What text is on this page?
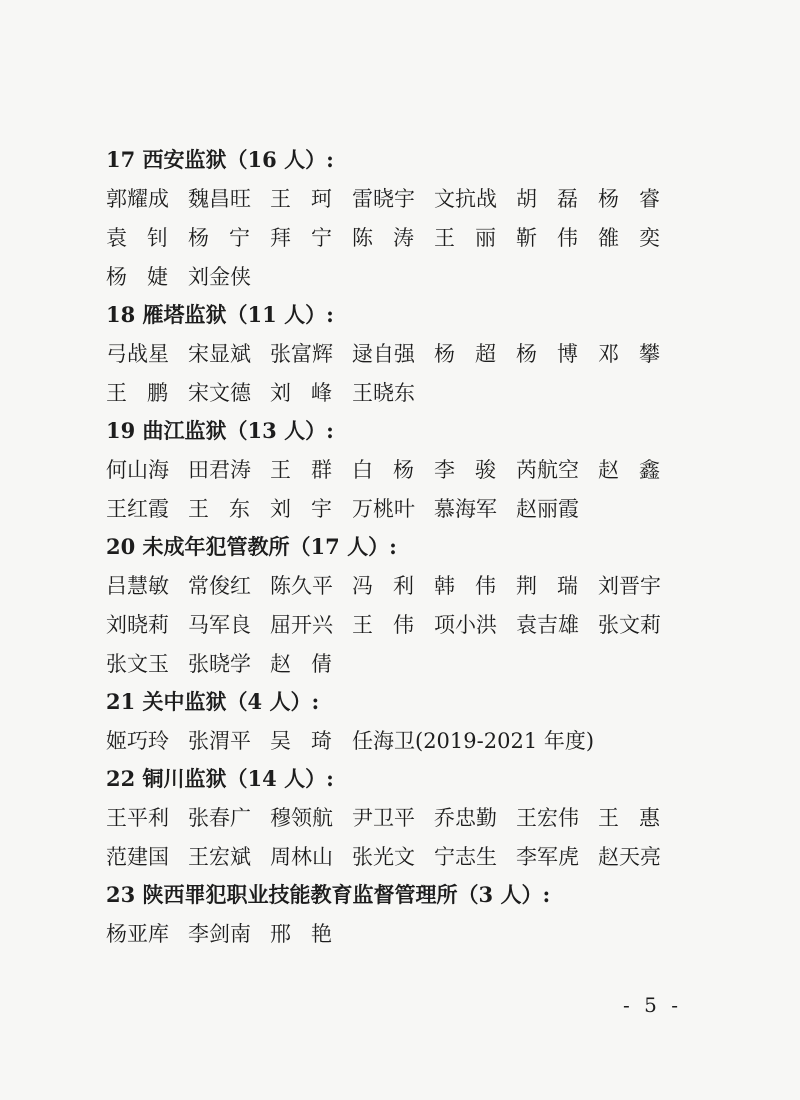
17 西安监狱（16 人）:
郭耀成 魏昌旺 王珂 雷晓宇 文抗战 胡磊 杨睿
袁钊 杨宁 拜宁 陈涛 王丽 靳伟 雒奕
杨婕 刘金侠
18 雁塔监狱（11 人）:
弓战星 宋显斌 张富辉 逯自强 杨超 杨博 邓攀
王鹏 宋文德 刘峰 王晓东
19 曲江监狱（13 人）:
何山海 田君涛 王群 白杨 李骏 芮航空 赵鑫
王红霞 王东 刘宇 万桃叶 慕海军 赵丽霞
20 未成年犯管教所（17 人）:
吕慧敏 常俊红 陈久平 冯利 韩伟 荆瑞 刘晋宇
刘晓莉 马军良 屈开兴 王伟 项小洪 袁吉雄 张文莉
张文玉 张晓学 赵倩
21 关中监狱（4 人）:
姬巧玲 张渭平 吴琦 任海卫(2019-2021 年度)
22 铜川监狱（14 人）:
王平利 张春广 穆领航 尹卫平 乔忠勤 王宏伟 王惠
范建国 王宏斌 周林山 张光文 宁志生 李军虎 赵天亮
23 陕西罪犯职业技能教育监督管理所（3 人）:
杨亚库 李剑南 邢艳
- 5 -
